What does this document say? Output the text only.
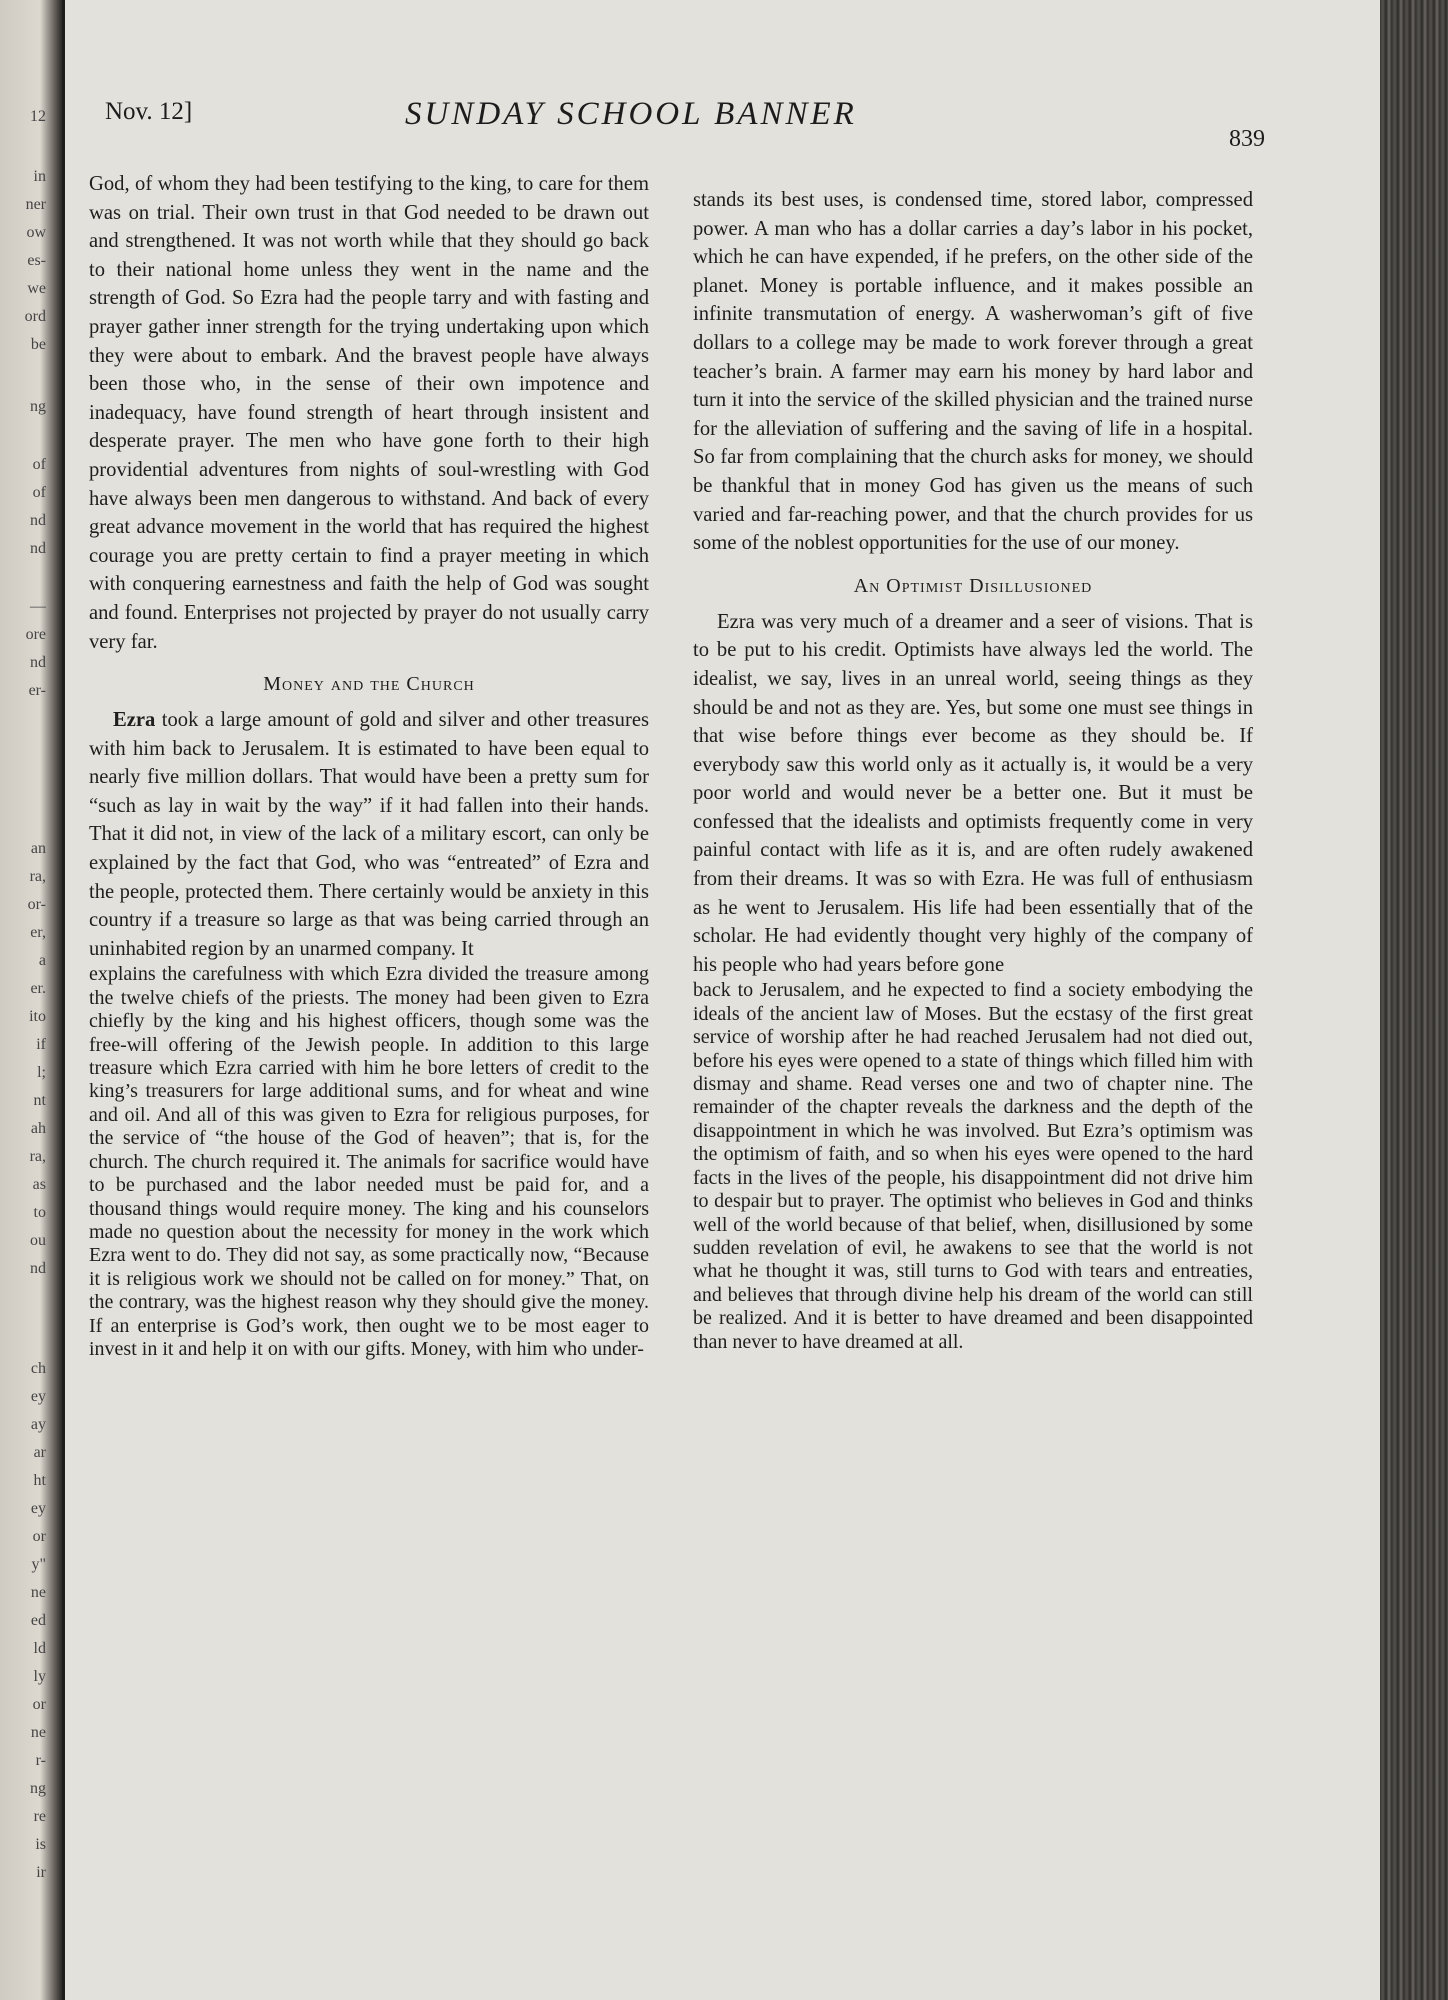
12
in
ner
ow
es-
we
ord
be
ng
of
of
nd
nd
—
ore
nd
er-
an
ra,
or-
er,
a
er.
ito
if
l;
nt
ah
ra,
as
to
ou
nd
ch
ey
ay
ar
ht
ey
or
y"
ne
ed
ld
ly
or
ne
r-
ng
re
is
ir
Nov. 12]	SUNDAY SCHOOL BANNER
839

God, of whom they had been testifying to the king, to care for them was on trial. Their own trust in that God needed to be drawn out and strengthened. It was not worth while that they should go back to their national home unless they went in the name and the strength of God. So Ezra had the people tarry and with fasting and prayer gather inner strength for the trying undertaking upon which they were about to embark. And the bravest people have always been those who, in the sense of their own impotence and inadequacy, have found strength of heart through insistent and desperate prayer. The men who have gone forth to their high providential adventures from nights of soul-wrestling with God have always been men dangerous to withstand. And back of every great advance movement in the world that has required the highest courage you are pretty certain to find a prayer meeting in which with conquering earnestness and faith the help of God was sought and found. Enterprises not projected by prayer do not usually carry very far.

Money and the Church

Ezra took a large amount of gold and silver and other treasures with him back to Jerusalem. It is estimated to have been equal to nearly five million dollars. That would have been a pretty sum for “such as lay in wait by the way” if it had fallen into their hands. That it did not, in view of the lack of a military escort, can only be explained by the fact that God, who was “entreated” of Ezra and the people, protected them. There certainly would be anxiety in this country if a treasure so large as that was being carried through an uninhabited region by an unarmed company. It

explains the carefulness with which Ezra divided the treasure among the twelve chiefs of the priests. The money had been given to Ezra chiefly by the king and his highest officers, though some was the free-will offering of the Jewish people. In addition to this large treasure which Ezra carried with him he bore letters of credit to the king’s treasurers for large additional sums, and for wheat and wine and oil. And all of this was given to Ezra for religious purposes, for the service of “the house of the God of heaven”; that is, for the church. The church required it. The animals for sacrifice would have to be purchased and the labor needed must be paid for, and a thousand things would require money. The king and his counselors made no question about the necessity for money in the work which Ezra went to do. They did not say, as some practically now, “Because it is religious work we should not be called on for money.” That, on the contrary, was the highest reason why they should give the money. If an enterprise is God’s work, then ought we to be most eager to invest in it and help it on with our gifts. Money, with him who under-

stands its best uses, is condensed time, stored labor, compressed power. A man who has a dollar carries a day’s labor in his pocket, which he can have expended, if he prefers, on the other side of the planet. Money is portable influence, and it makes possible an infinite transmutation of energy. A washerwoman’s gift of five dollars to a college may be made to work forever through a great teacher’s brain. A farmer may earn his money by hard labor and turn it into the service of the skilled physician and the trained nurse for the alleviation of suffering and the saving of life in a hospital. So far from complaining that the church asks for money, we should be thankful that in money God has given us the means of such varied and far-reaching power, and that the church provides for us some of the noblest opportunities for the use of our money.

An Optimist Disillusioned

Ezra was very much of a dreamer and a seer of visions. That is to be put to his credit. Optimists have always led the world. The idealist, we say, lives in an unreal world, seeing things as they should be and not as they are. Yes, but some one must see things in that wise before things ever become as they should be. If everybody saw this world only as it actually is, it would be a very poor world and would never be a better one. But it must be confessed that the idealists and optimists frequently come in very painful contact with life as it is, and are often rudely awakened from their dreams. It was so with Ezra. He was full of enthusiasm as he went to Jerusalem. His life had been essentially that of the scholar. He had evidently thought very highly of the company of his people who had years before gone

back to Jerusalem, and he expected to find a society embodying the ideals of the ancient law of Moses. But the ecstasy of the first great service of worship after he had reached Jerusalem had not died out, before his eyes were opened to a state of things which filled him with dismay and shame. Read verses one and two of chapter nine. The remainder of the chapter reveals the darkness and the depth of the disappointment in which he was involved. But Ezra’s optimism was the optimism of faith, and so when his eyes were opened to the hard facts in the lives of the people, his disappointment did not drive him to despair but to prayer. The optimist who believes in God and thinks well of the world because of that belief, when, disillusioned by some sudden revelation of evil, he awakens to see that the world is not what he thought it was, still turns to God with tears and entreaties, and believes that through divine help his dream of the world can still be realized. And it is better to have dreamed and been disappointed than never to have dreamed at all.
